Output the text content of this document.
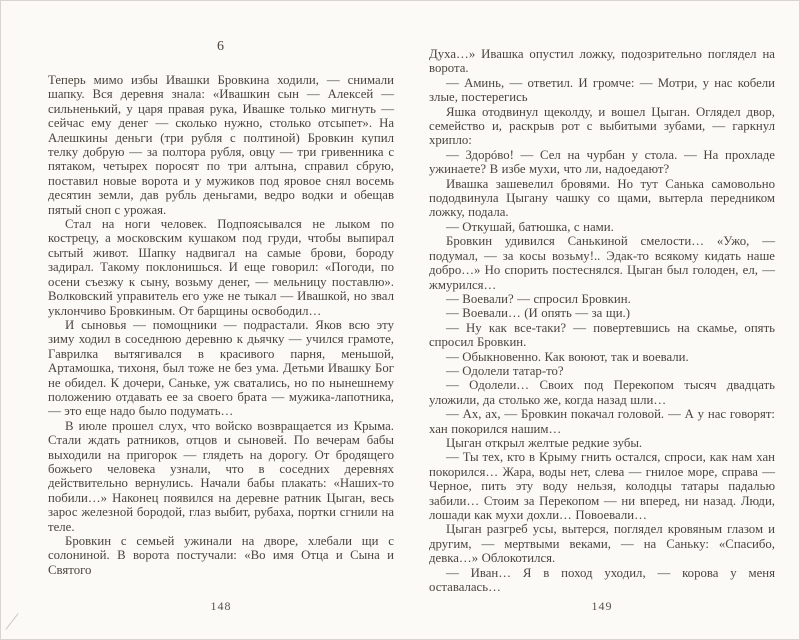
6

Теперь мимо избы Ивашки Бровкина ходили, — снимали шапку. Вся деревня знала: «Ивашкин сын — Алексей — сильненький, у царя правая рука, Ивашке только мигнуть — сейчас ему денег — сколько нужно, столько отсыпет». На Алешкины деньги (три рубля с полтиной) Бровкин купил телку добрую — за полтора рубля, овцу — три гривенника с пятаком, четырех поросят по три алтына, справил сбрую, поставил новые ворота и у мужиков под яровое снял восемь десятин земли, дав рубль деньгами, ведро водки и обещав пятый сноп с урожая.

Стал на ноги человек. Подпоясывался не лыком по кострецу, а московским кушаком под груди, чтобы выпирал сытый живот. Шапку надвигал на самые брови, бороду задирал. Такому поклонишься. И еще говорил: «Погоди, по осени съезжу к сыну, возьму денег, — мельницу поставлю». Волковский управитель его уже не тыкал — Ивашкой, но звал уклончиво Бровкиным. От барщины освободил…

И сыновья — помощники — подрастали. Яков всю эту зиму ходил в соседнюю деревню к дьячку — учился грамоте, Гаврилка вытягивался в красивого парня, меньшой, Артамошка, тихоня, был тоже не без ума. Детьми Ивашку Бог не обидел. К дочери, Саньке, уж сватались, но по нынешнему положению отдавать ее за своего брата — мужика-лапотника, — это еще надо было подумать…

В июле прошел слух, что войско возвращается из Крыма. Стали ждать ратников, отцов и сыновей. По вечерам бабы выходили на пригорок — глядеть на дорогу. От бродящего божьего человека узнали, что в соседних деревнях действительно вернулись. Начали бабы плакать: «Наших-то побили…» Наконец появился на деревне ратник Цыган, весь зарос железной бородой, глаз выбит, рубаха, портки сгнили на теле.

Бровкин с семьей ужинали на дворе, хлебали щи с солониной. В ворота постучали: «Во имя Отца и Сына и Святого

Духа…» Ивашка опустил ложку, подозрительно поглядел на ворота.

— Аминь, — ответил. И громче: — Мотри, у нас кобели злые, постерегись

Яшка отодвинул щеколду, и вошел Цыган. Оглядел двор, семейство и, раскрыв рот с выбитыми зубами, — гаркнул хрипло:

— Здорóво! — Сел на чурбан у стола. — На прохладе ужинаете? В избе мухи, что ли, надоедают?

Ивашка зашевелил бровями. Но тут Санька самовольно пододвинула Цыгану чашку со щами, вытерла передником ложку, подала.

— Откушай, батюшка, с нами.

Бровкин удивился Санькиной смелости… «Ужо, — подумал, — за косы возьму!.. Эдак-то всякому кидать наше добро…» Но спорить постеснялся. Цыган был голоден, ел, — жмурился…

— Воевали? — спросил Бровкин.

— Воевали… (И опять — за щи.)

— Ну как все-таки? — повертевшись на скамье, опять спросил Бровкин.

— Обыкновенно. Как воюют, так и воевали.

— Одолели татар-то?

— Одолели… Своих под Перекопом тысяч двадцать уложили, да столько же, когда назад шли…

— Ах, ах, — Бровкин покачал головой. — А у нас говорят: хан покорился нашим…

Цыган открыл желтые редкие зубы.

— Ты тех, кто в Крыму гнить остался, спроси, как нам хан покорился… Жара, воды нет, слева — гнилое море, справа — Черное, пить эту воду нельзя, колодцы татары падалью забили… Стоим за Перекопом — ни вперед, ни назад. Люди, лошади как мухи дохли… Повоевали…

Цыган разгреб усы, вытерся, поглядел кровяным глазом и другим, — мертвыми веками, — на Саньку: «Спасибо, девка…» Облокотился.

— Иван… Я в поход уходил, — корова у меня оставалась…

148	149
